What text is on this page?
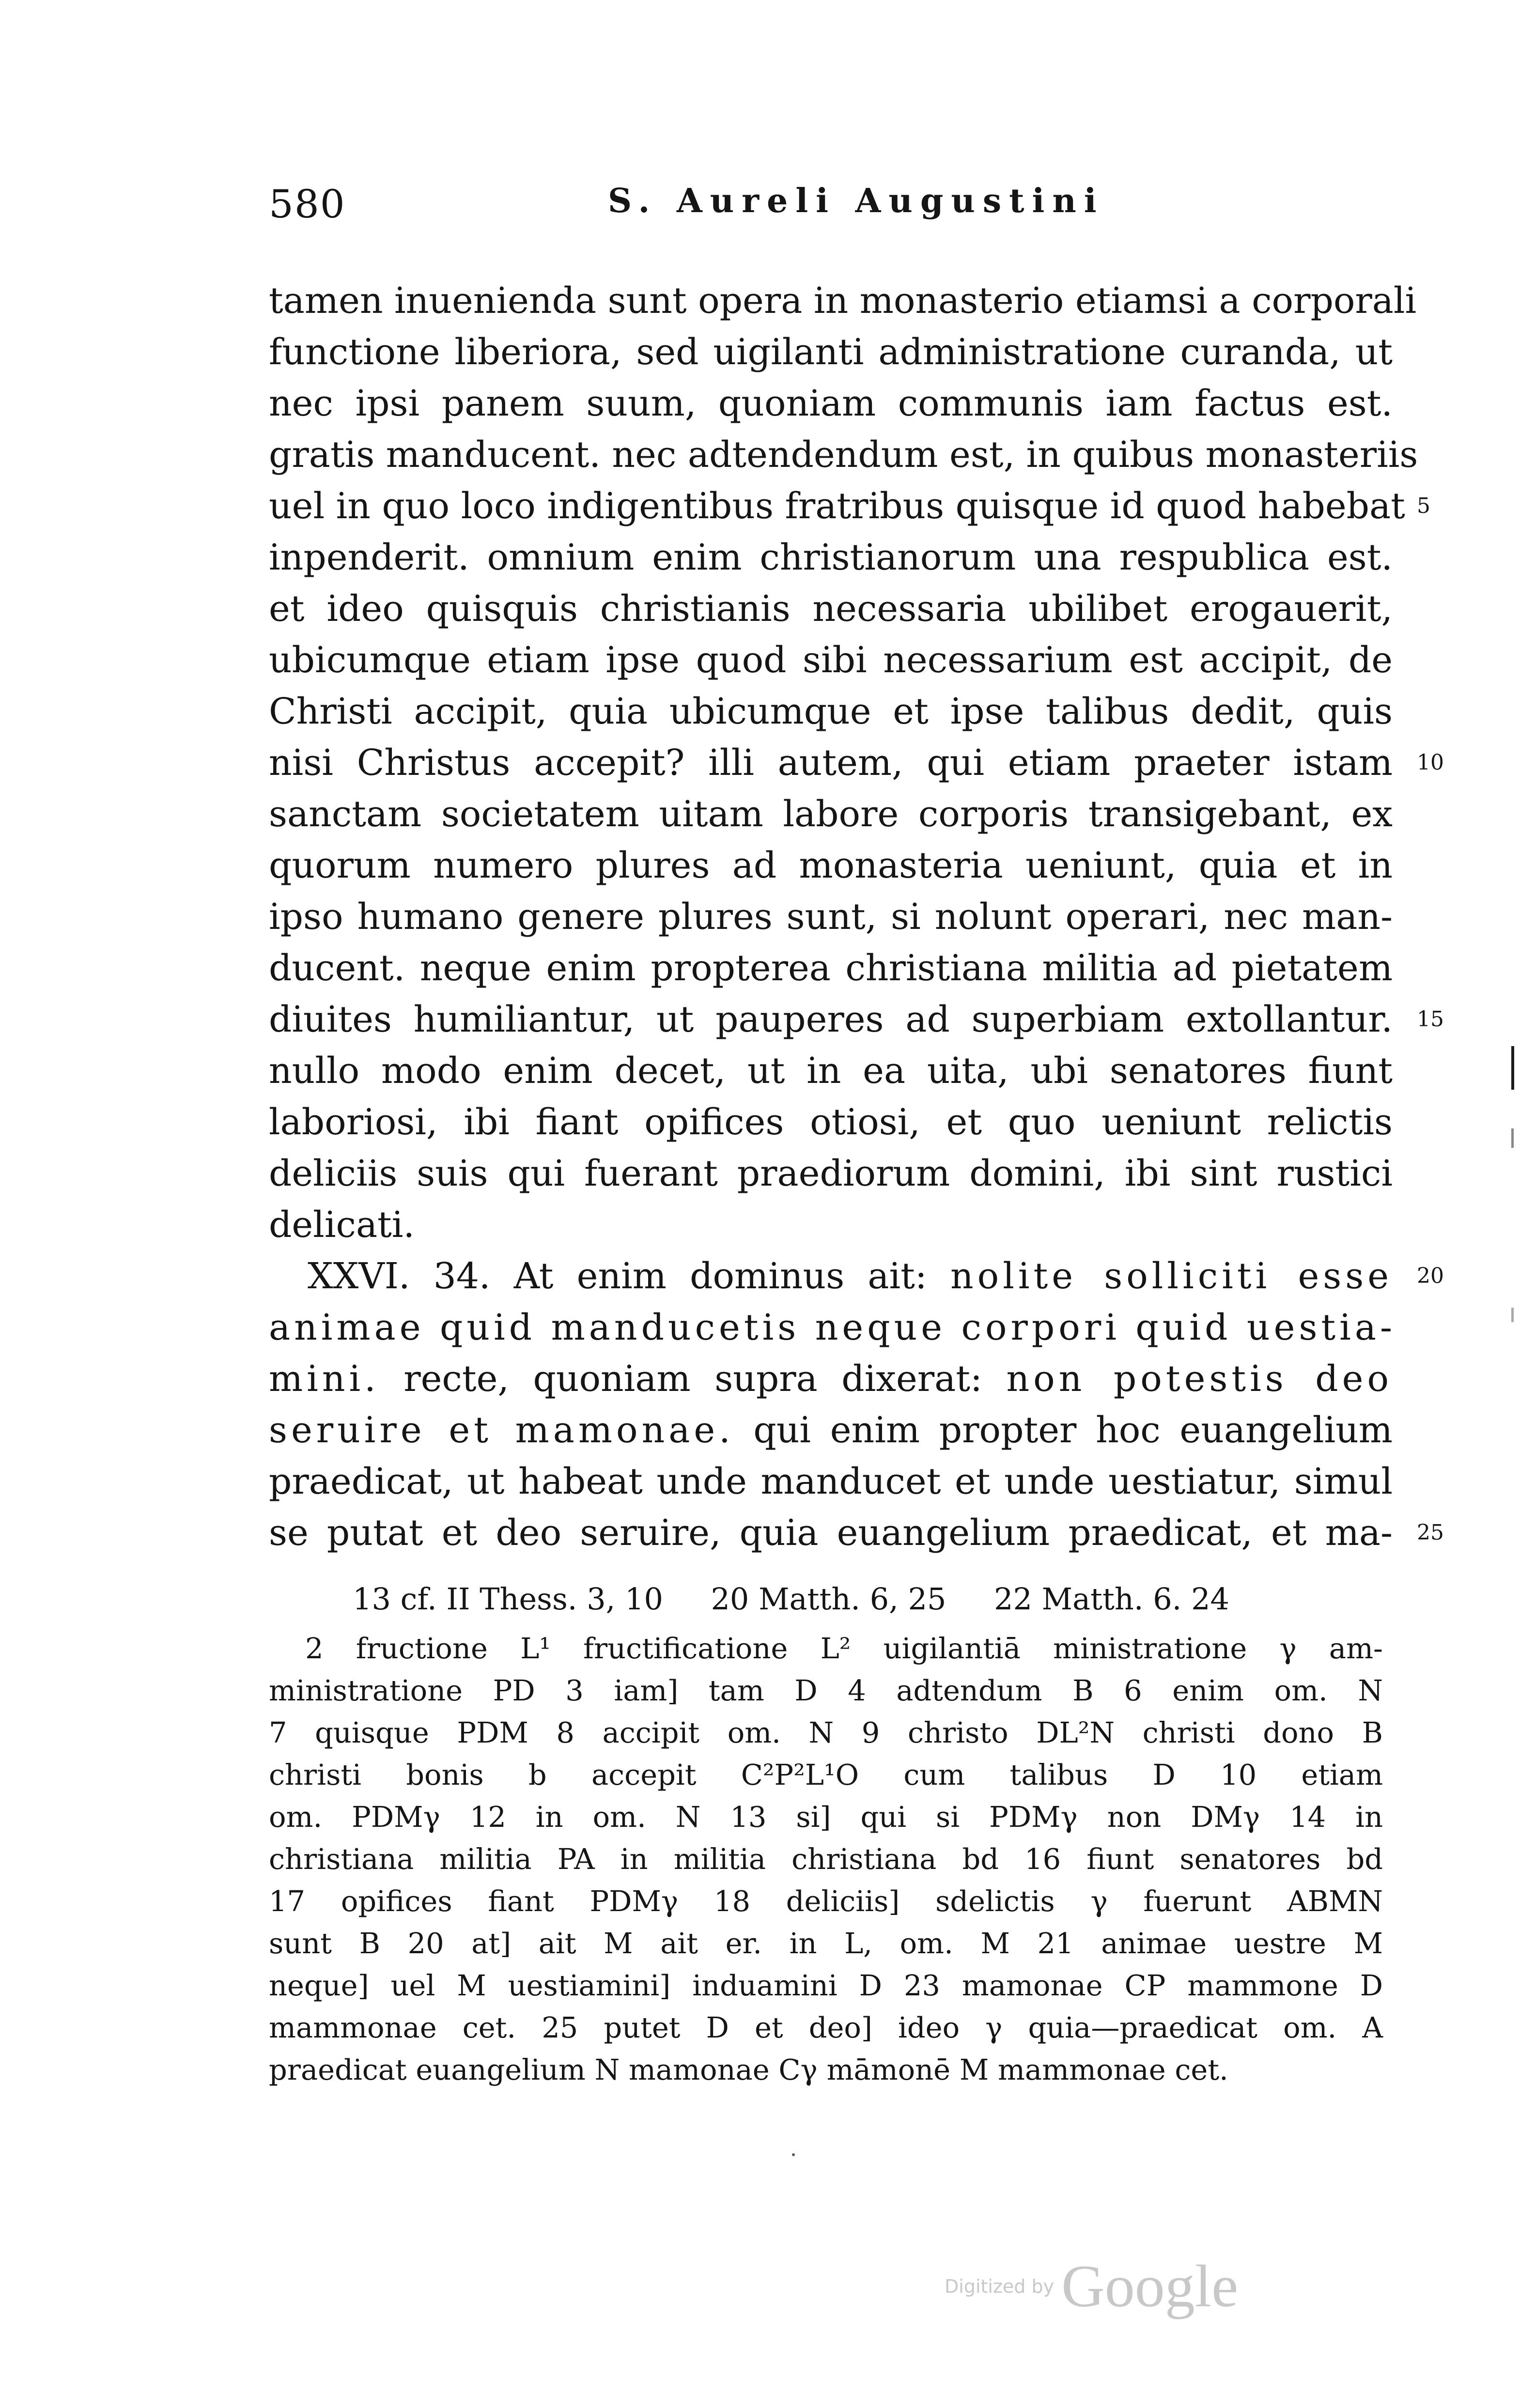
580	S. Aureli Augustini
tamen inuenienda sunt opera in monasterio etiamsi a corporali
functione liberiora, sed uigilanti administratione curanda, ut
nec ipsi panem suum, quoniam communis iam factus est.
gratis manducent. nec adtendendum est, in quibus monasteriis
uel in quo loco indigentibus fratribus quisque id quod habebat
inpenderit. omnium enim christianorum una respublica est.
et ideo quisquis christianis necessaria ubilibet erogauerit,
ubicumque etiam ipse quod sibi necessarium est accipit, de
Christi accipit, quia ubicumque et ipse talibus dedit, quis
nisi Christus accepit? illi autem, qui etiam praeter istam
sanctam societatem uitam labore corporis transigebant, ex
quorum numero plures ad monasteria ueniunt, quia et in
ipso humano genere plures sunt, si nolunt operari, nec man-
ducent. neque enim propterea christiana militia ad pietatem
diuites humiliantur, ut pauperes ad superbiam extollantur.
nullo modo enim decet, ut in ea uita, ubi senatores fiunt
laboriosi, ibi fiant opifices otiosi, et quo ueniunt relictis
deliciis suis qui fuerant praediorum domini, ibi sint rustici
delicati.
XXVI. 34. At enim dominus ait: nolite solliciti esse
animae quid manducetis neque corpori quid uestia-
mini. recte, quoniam supra dixerat: non potestis deo
seruire et mamonae. qui enim propter hoc euangelium
praedicat, ut habeat unde manducet et unde uestiatur, simul
se putat et deo seruire, quia euangelium praedicat, et ma-
5
10
15
20
25
13 cf. II Thess. 3, 10     20 Matth. 6, 25     22 Matth. 6. 24
2 fructione L¹ fructificatione L² uigilantiā ministratione γ am-
ministratione PD 3 iam] tam D 4 adtendum B 6 enim om. N
7 quisque PDM 8 accipit om. N 9 christo DL²N christi dono B
christi bonis b accepit C²P²L¹O cum talibus D 10 etiam
om. PDMγ 12 in om. N 13 si] qui si PDMγ non DMγ 14 in
christiana militia PA in militia christiana bd 16 fiunt senatores bd
17 opifices fiant PDMγ 18 deliciis] sdelictis γ fuerunt ABMN
sunt B 20 at] ait M ait er. in L, om. M 21 animae uestre M
neque] uel M uestiamini] induamini D 23 mamonae CP mammone D
mammonae cet. 25 putet D et deo] ideo γ quia—praedicat om. A
praedicat euangelium N mamonae Cγ māmonē M mammonae cet.
Digitized by Google
